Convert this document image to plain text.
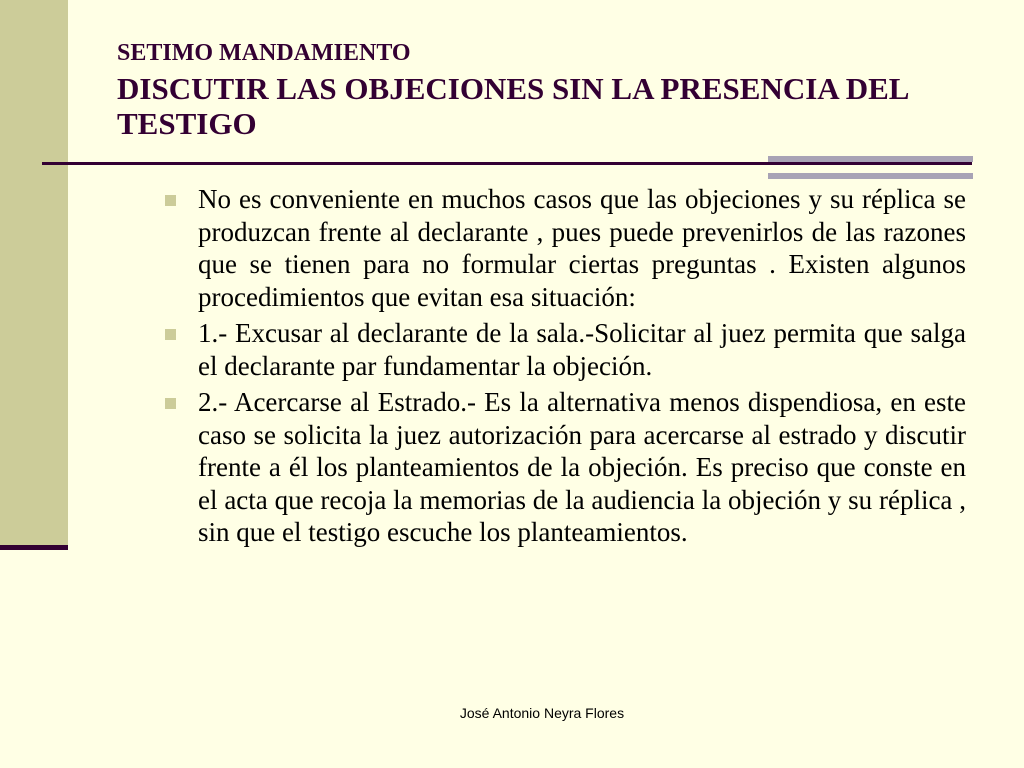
SETIMO MANDAMIENTO

DISCUTIR LAS OBJECIONES SIN LA PRESENCIA DEL TESTIGO

No es conveniente en muchos casos que las objeciones y su réplica se produzcan frente al declarante , pues puede prevenirlos de las razones que se tienen para no formular ciertas preguntas . Existen algunos procedimientos que evitan esa situación:
1.- Excusar al declarante de la sala.-Solicitar al juez permita que salga el declarante par fundamentar la objeción.
2.- Acercarse al Estrado.- Es la alternativa menos dispendiosa, en este caso se solicita la juez autorización para acercarse al estrado y discutir frente a él los planteamientos de la objeción. Es preciso que conste en el acta que recoja la memorias de la audiencia la objeción y su réplica , sin que el testigo escuche los planteamientos.
José Antonio Neyra Flores
